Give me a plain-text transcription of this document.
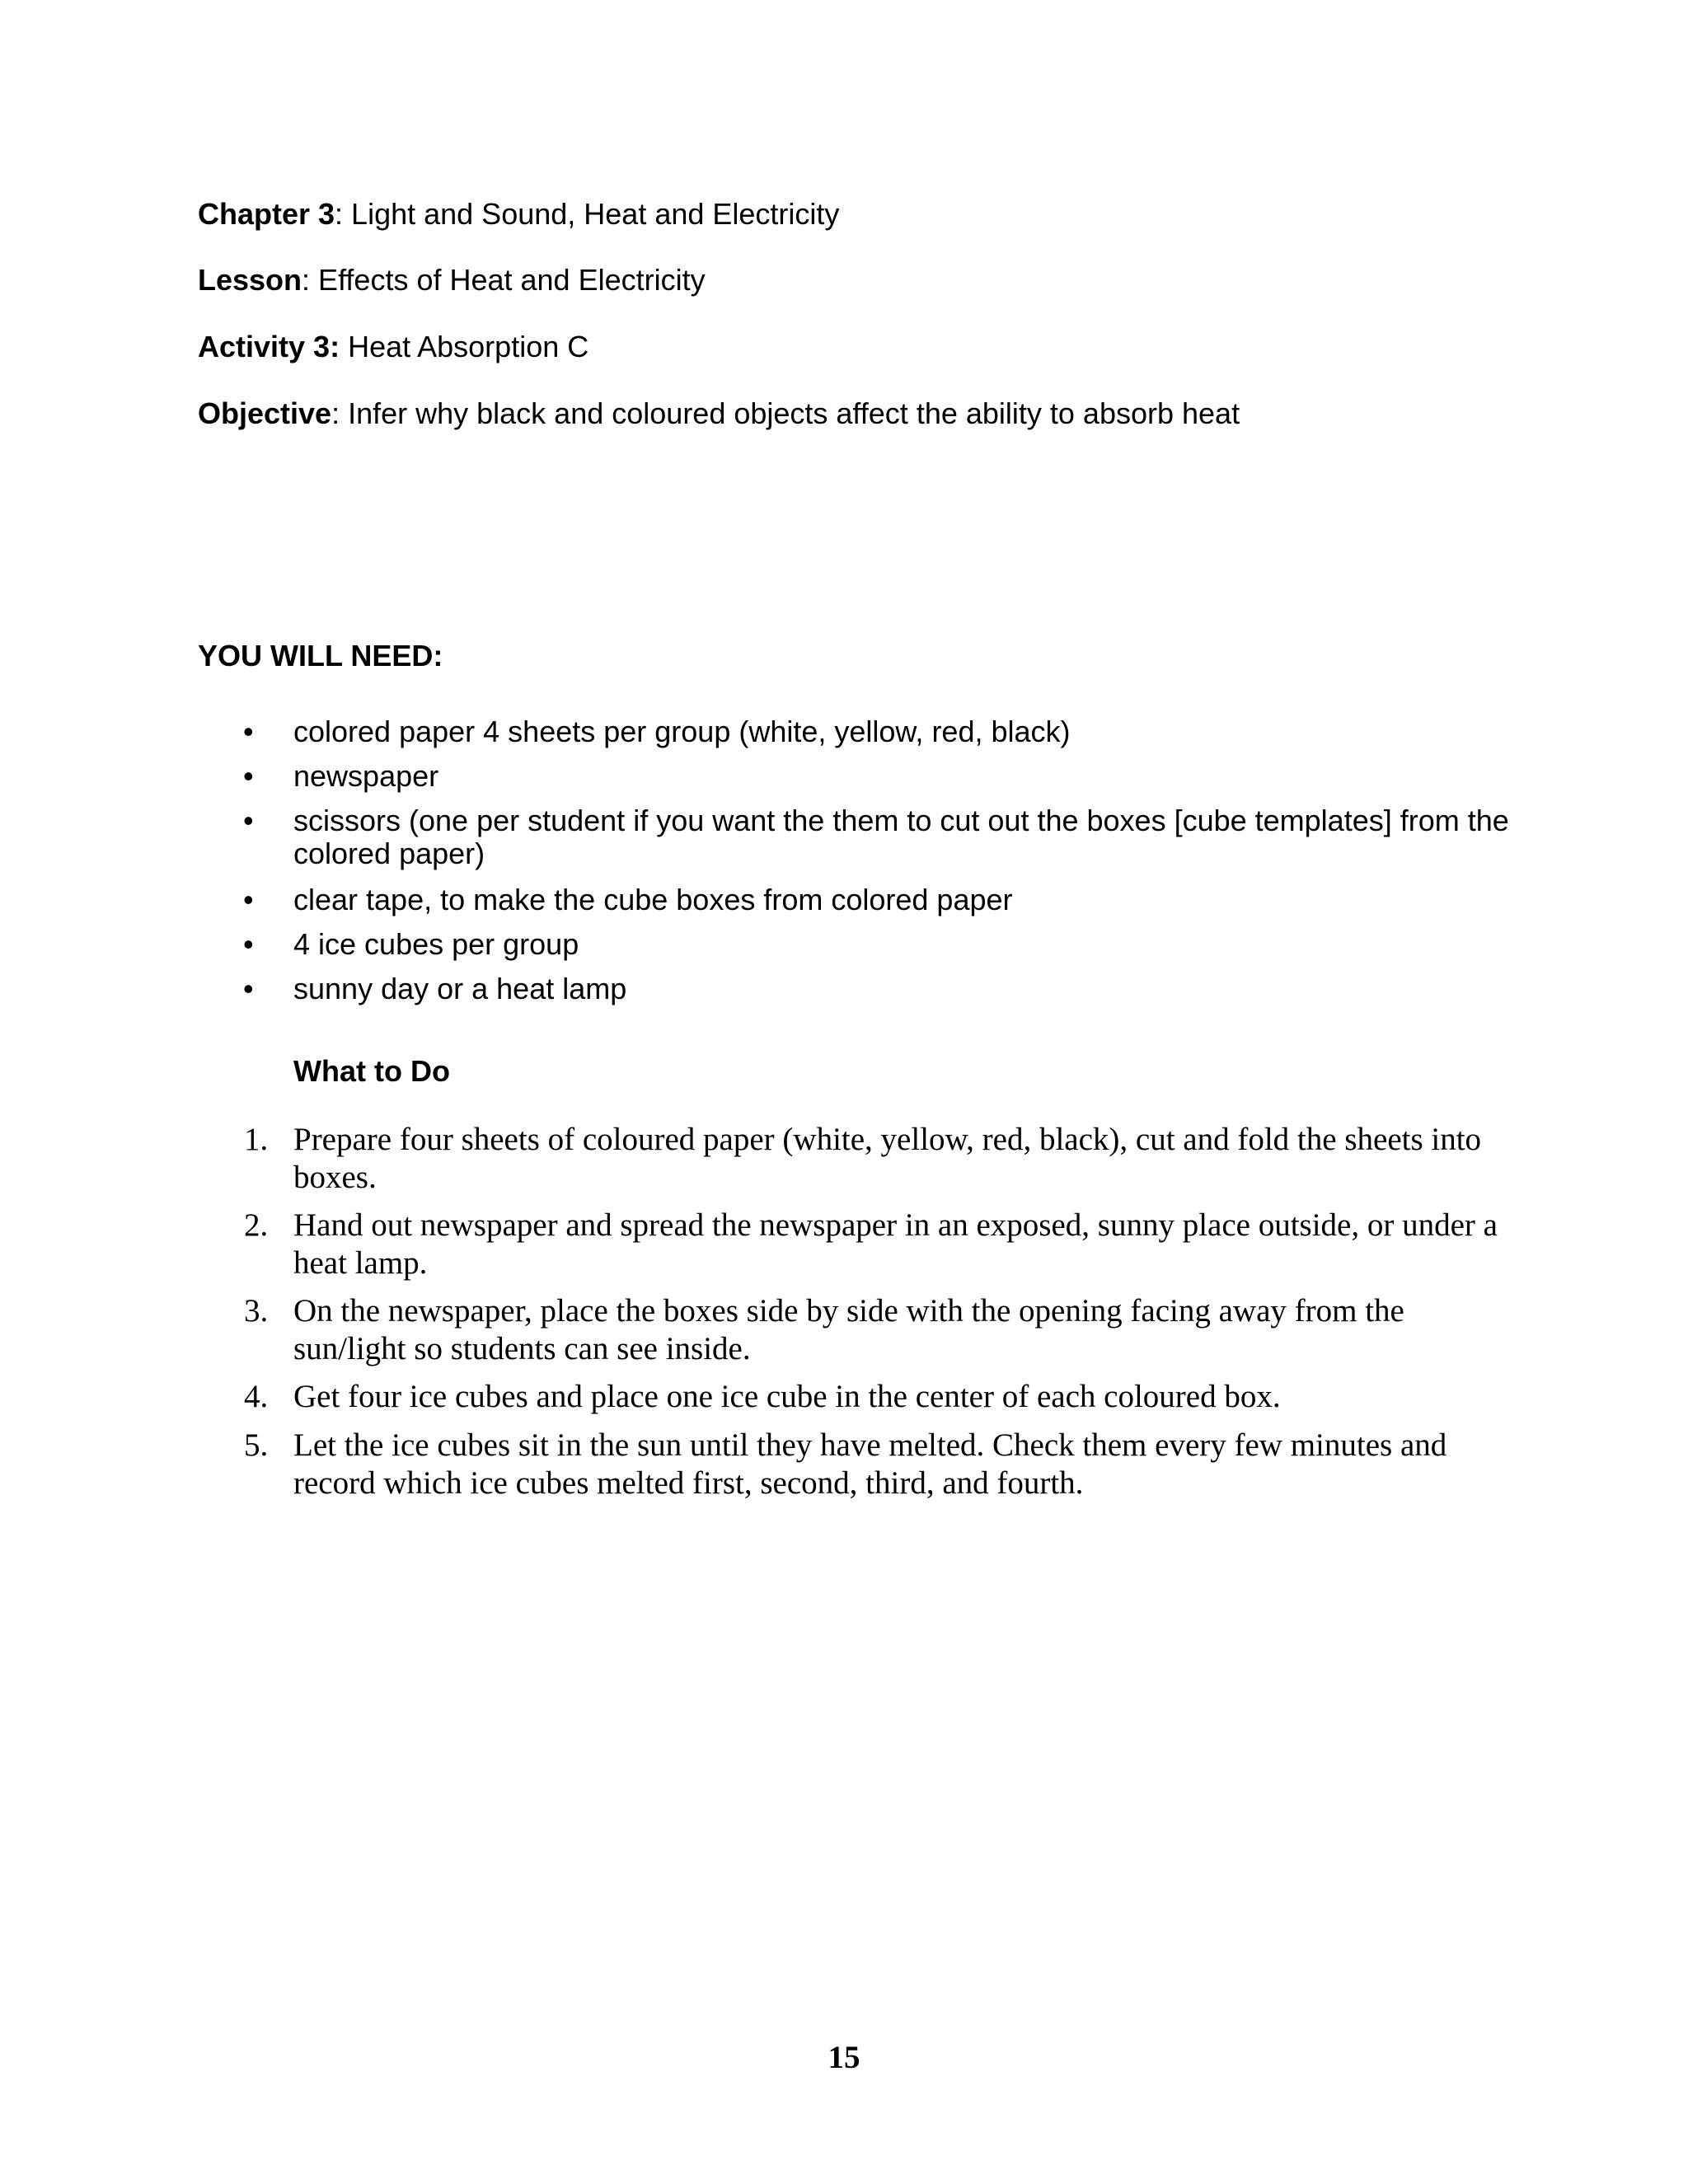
Chapter 3: Light and Sound, Heat and Electricity
Lesson: Effects of Heat and Electricity
Activity 3: Heat Absorption C
Objective: Infer why black and coloured objects affect the ability to absorb heat
YOU WILL NEED:
• colored paper 4 sheets per group (white, yellow, red, black)
• newspaper
• scissors (one per student if you want the them to cut out the boxes [cube templates] from the colored paper)
• clear tape, to make the cube boxes from colored paper
• 4 ice cubes per group
• sunny day or a heat lamp
What to Do
1. Prepare four sheets of coloured paper (white, yellow, red, black), cut and fold the sheets into boxes.
2. Hand out newspaper and spread the newspaper in an exposed, sunny place outside, or under a heat lamp.
3. On the newspaper, place the boxes side by side with the opening facing away from the sun/light so students can see inside.
4. Get four ice cubes and place one ice cube in the center of each coloured box.
5. Let the ice cubes sit in the sun until they have melted. Check them every few minutes and record which ice cubes melted first, second, third, and fourth.
15
